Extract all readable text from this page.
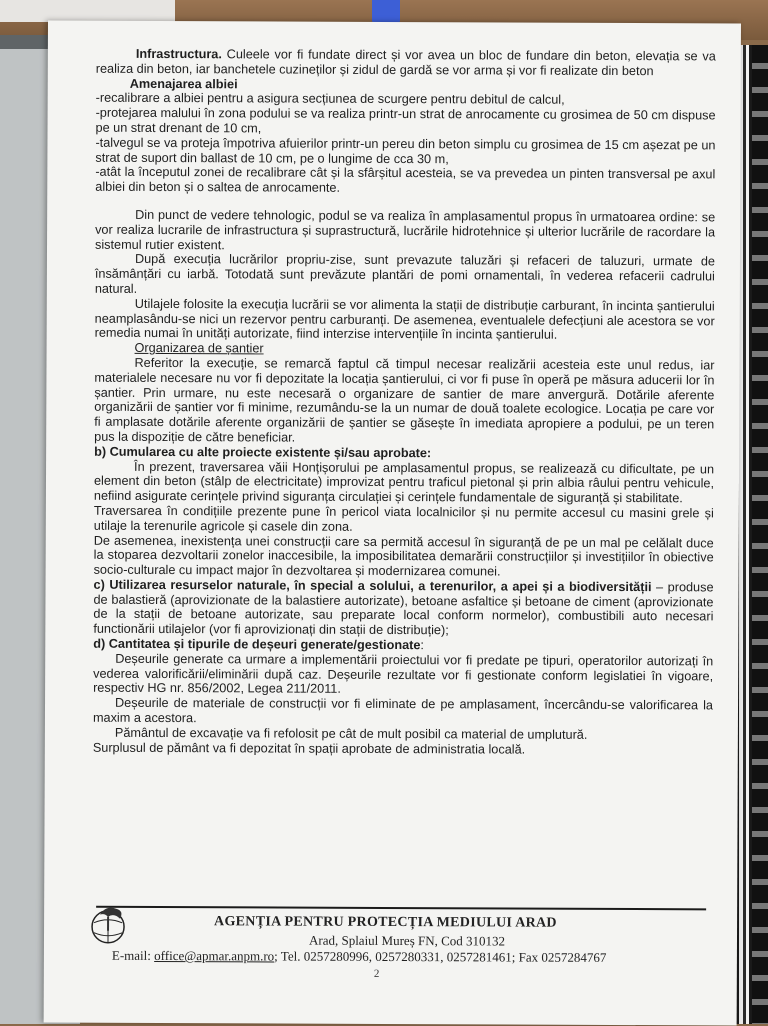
Infrastructura. Culeele vor fi fundate direct și vor avea un bloc de fundare din beton, elevația se va realiza din beton, iar banchetele cuzineților și zidul de gardă se vor arma și vor fi realizate din beton

Amenajarea albiei

-recalibrare a albiei pentru a asigura secțiunea de scurgere pentru debitul de calcul,

-protejarea malului în zona podului se va realiza printr-un strat de anrocamente cu grosimea de 50 cm dispuse pe un strat drenant de 10 cm,

-talvegul se va proteja împotriva afuierilor printr-un pereu din beton simplu cu grosimea de 15 cm așezat pe un strat de suport din ballast de 10 cm, pe o lungime de cca 30 m,

-atât la începutul zonei de recalibrare cât și la sfârșitul acesteia, se va prevedea un pinten transversal pe axul albiei din beton și o saltea de anrocamente.

Din punct de vedere tehnologic, podul se va realiza în amplasamentul propus în urmatoarea ordine: se vor realiza lucrarile de infrastructura și suprastructură, lucrările hidrotehnice și ulterior lucrările de racordare la sistemul rutier existent.

După execuția lucrărilor propriu-zise, sunt prevazute taluzări și refaceri de taluzuri, urmate de însămânțări cu iarbă. Totodată sunt prevăzute plantări de pomi ornamentali, în vederea refacerii cadrului natural.

Utilajele folosite la execuția lucrării se vor alimenta la stații de distribuție carburant, în incinta șantierului neamplasându-se nici un rezervor pentru carburanți. De asemenea, eventualele defecțiuni ale acestora se vor remedia numai în unități autorizate, fiind interzise intervențiile în incinta șantierului.

Organizarea de șantier

Referitor la execuție, se remarcă faptul că timpul necesar realizării acesteia este unul redus, iar materialele necesare nu vor fi depozitate la locația șantierului, ci vor fi puse în operă pe măsura aducerii lor în șantier. Prin urmare, nu este necesară o organizare de santier de mare anvergură. Dotările aferente organizării de șantier vor fi minime, rezumându-se la un numar de două toalete ecologice. Locația pe care vor fi amplasate dotările aferente organizării de șantier se găsește în imediata apropiere a podului, pe un teren pus la dispoziție de către beneficiar.

b) Cumularea cu alte proiecte existente și/sau aprobate:

În prezent, traversarea văii Honțișorului pe amplasamentul propus, se realizează cu dificultate, pe un element din beton (stâlp de electricitate) improvizat pentru traficul pietonal și prin albia râului pentru vehicule, nefiind asigurate cerințele privind siguranța circulației și cerințele fundamentale de siguranță și stabilitate.

Traversarea în condițiile prezente pune în pericol viata localnicilor și nu permite accesul cu masini grele și utilaje la terenurile agricole și casele din zona.

De asemenea, inexistența unei construcții care sa permită accesul în siguranță de pe un mal pe celălalt duce la stoparea dezvoltarii zonelor inaccesibile, la imposibilitatea demarării construcțiilor și investițiilor în obiective socio-culturale cu impact major în dezvoltarea și modernizarea comunei.

c) Utilizarea resurselor naturale, în special a solului, a terenurilor, a apei și a biodiversității – produse de balastieră (aprovizionate de la balastiere autorizate), betoane asfaltice și betoane de ciment (aprovizionate de la stații de betoane autorizate, sau preparate local conform normelor), combustibili auto necesari functionării utilajelor (vor fi aprovizionați din stații de distribuție);

d) Cantitatea și tipurile de deșeuri generate/gestionate:

Deșeurile generate ca urmare a implementării proiectului vor fi predate pe tipuri, operatorilor autorizați în vederea valorificării/eliminării după caz. Deșeurile rezultate vor fi gestionate conform legislatiei în vigoare, respectiv HG nr. 856/2002, Legea 211/2011.

Deșeurile de materiale de construcții vor fi eliminate de pe amplasament, încercându-se valorificarea la maxim a acestora.

Pământul de excavație va fi refolosit pe cât de mult posibil ca material de umplutură.

Surplusul de pământ va fi depozitat în spații aprobate de administratia locală.

AGENȚIA PENTRU PROTECȚIA MEDIULUI ARAD
Arad, Splaiul Mureș FN, Cod 310132
E-mail: office@apmar.anpm.ro; Tel. 0257280996, 0257280331, 0257281461; Fax 0257284767
2
